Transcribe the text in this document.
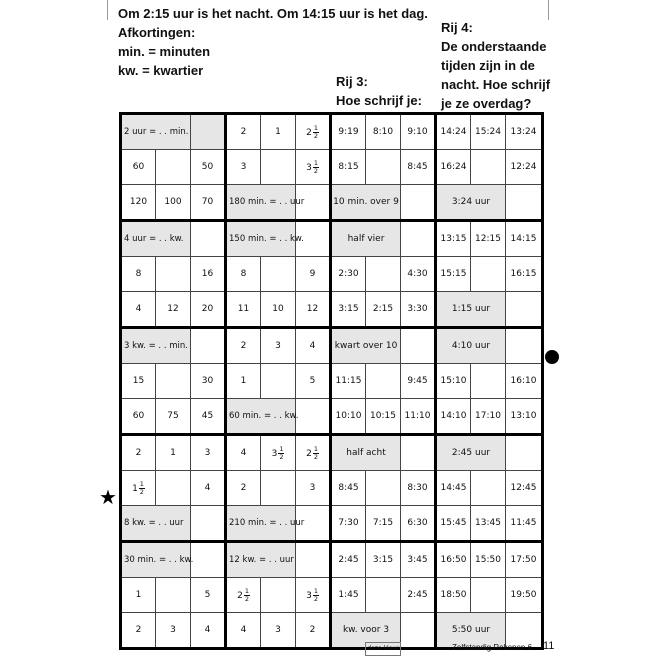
Om 2:15 uur is het nacht. Om 14:15 uur is het dag.
Afkortingen:
min. = minuten
kw. = kwartier
Rij 3:
Hoe schrijf je:
Rij 4:
De onderstaande
tijden zijn in de
nacht. Hoe schrijf
je ze overdag?
2 uur = . . min.			2	1	$2 \frac{1}{2}$	9:19	8:10	9:10	14:24	15:24	13:24
60		50	3		$3 \frac{1}{2}$	8:15		8:45	16:24		12:24
120	100	70	180 min. = . . uur			10 min. over 9			3:24 uur		
4 uur = . . kw.			150 min. = . . kw.			half vier			13:15	12:15	14:15
8		16	8		9	2:30		4:30	15:15		16:15
4	12	20	11	10	12	3:15	2:15	3:30	1:15 uur		
3 kw. = . . min.			2	3	4	kwart over 10			4:10 uur		
15		30	1		5	11:15		9:45	15:10		16:10
60	75	45	60 min. = . . kw.			10:10	10:15	11:10	14:10	17:10	13:10
2	1	3	4	$3 \frac{1}{2}$	$2 \frac{1}{2}$	half acht			2:45 uur		
$1 \frac{1}{2}$		4	2		3	8:45		8:30	14:45		12:45
8 kw. = . . uur			210 min. = . . uur			7:30	7:15	6:30	15:45	13:45	11:45
30 min. = . . kw.			12 kw. = . . uur			2:45	3:15	3:45	16:50	15:50	17:50
1		5	$2 \frac{1}{2}$		$3 \frac{1}{2}$	1:45		2:45	18:50		19:50
2	3	4	4	3	2	kw. voor 3			5:50 uur		
★
deze kleur	Zelfstandig Rekenen 6 11
